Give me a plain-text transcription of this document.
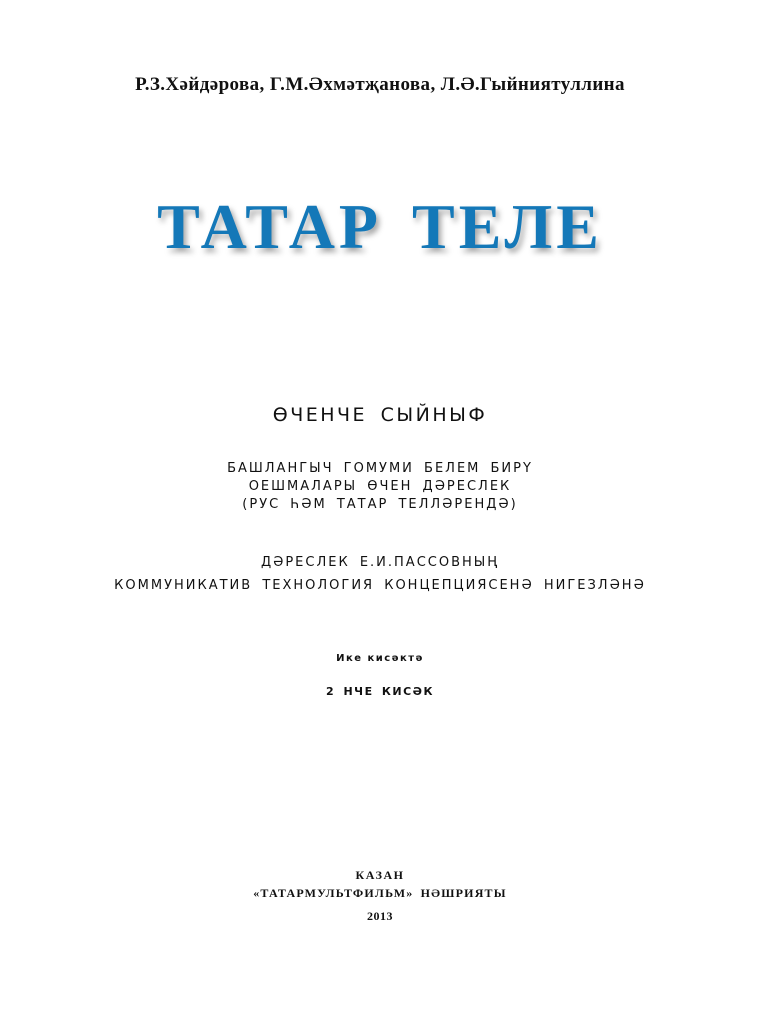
Р.З.Хәйдәрова, Г.М.Әхмәтҗанова, Л.Ә.Гыйниятуллина

ТАТАР ТЕЛЕ

ӨЧЕНЧЕ СЫЙНЫФ

БАШЛАНГЫЧ ГОМУМИ БЕЛЕМ БИРҮ

ОЕШМАЛАРЫ ӨЧЕН ДӘРЕСЛЕК

(РУС ҺӘМ ТАТАР ТЕЛЛӘРЕНДӘ)

ДӘРЕСЛЕК Е.И.ПАССОВНЫҢ

КОММУНИКАТИВ ТЕХНОЛОГИЯ КОНЦЕПЦИЯСЕНӘ НИГЕЗЛӘНӘ

Ике кисәктә

2 НЧЕ КИСӘК

КАЗАН

«ТАТАРМУЛЬТФИЛЬМ» НӘШРИЯТЫ

2013
